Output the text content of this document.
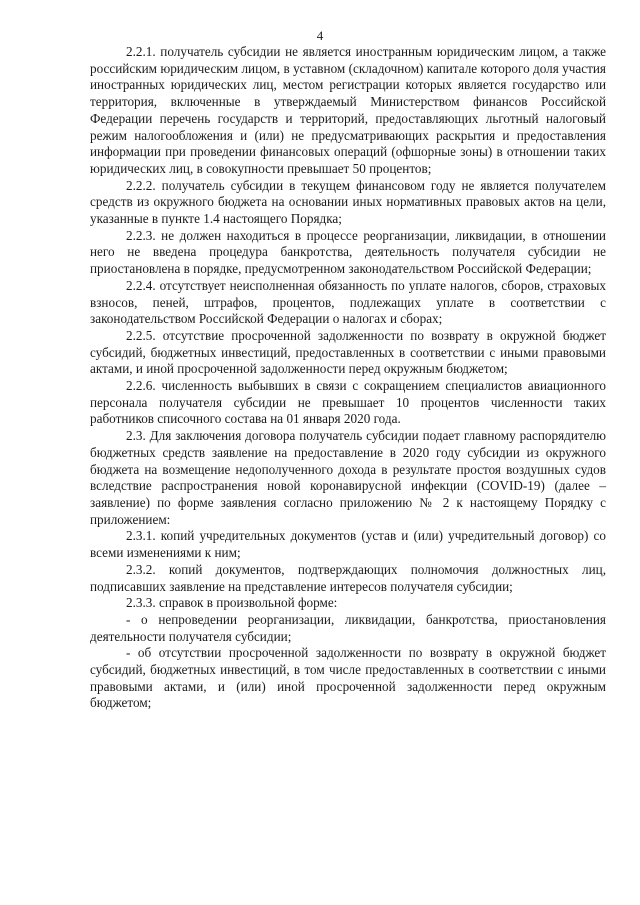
4

2.2.1. получатель субсидии не является иностранным юридическим лицом, а также российским юридическим лицом, в уставном (складочном) капитале которого доля участия иностранных юридических лиц, местом регистрации которых является государство или территория, включенные в утверждаемый Министерством финансов Российской Федерации перечень государств и территорий, предоставляющих льготный налоговый режим налогообложения и (или) не предусматривающих раскрытия и предоставления информации при проведении финансовых операций (офшорные зоны) в отношении таких юридических лиц, в совокупности превышает 50 процентов;

2.2.2. получатель субсидии в текущем финансовом году не является получателем средств из окружного бюджета на основании иных нормативных правовых актов на цели, указанные в пункте 1.4 настоящего Порядка;

2.2.3. не должен находиться в процессе реорганизации, ликвидации, в отношении него не введена процедура банкротства, деятельность получателя субсидии не приостановлена в порядке, предусмотренном законодательством Российской Федерации;

2.2.4. отсутствует неисполненная обязанность по уплате налогов, сборов, страховых взносов, пеней, штрафов, процентов, подлежащих уплате в соответствии с законодательством Российской Федерации о налогах и сборах;

2.2.5. отсутствие просроченной задолженности по возврату в окружной бюджет субсидий, бюджетных инвестиций, предоставленных в соответствии с иными правовыми актами, и иной просроченной задолженности перед окружным бюджетом;

2.2.6. численность выбывших в связи с сокращением специалистов авиационного персонала получателя субсидии не превышает 10 процентов численности таких работников списочного состава на 01 января 2020 года.

2.3. Для заключения договора получатель субсидии подает главному распорядителю бюджетных средств заявление на предоставление в 2020 году субсидии из окружного бюджета на возмещение недополученного дохода в результате простоя воздушных судов вследствие распространения новой коронавирусной инфекции (COVID-19) (далее – заявление) по форме заявления согласно приложению № 2 к настоящему Порядку с приложением:

2.3.1. копий учредительных документов (устав и (или) учредительный договор) со всеми изменениями к ним;

2.3.2. копий документов, подтверждающих полномочия должностных лиц, подписавших заявление на представление интересов получателя субсидии;

2.3.3. справок в произвольной форме:

- о непроведении реорганизации, ликвидации, банкротства, приостановления деятельности получателя субсидии;

- об отсутствии просроченной задолженности по возврату в окружной бюджет субсидий, бюджетных инвестиций, в том числе предоставленных в соответствии с иными правовыми актами, и (или) иной просроченной задолженности перед окружным бюджетом;
